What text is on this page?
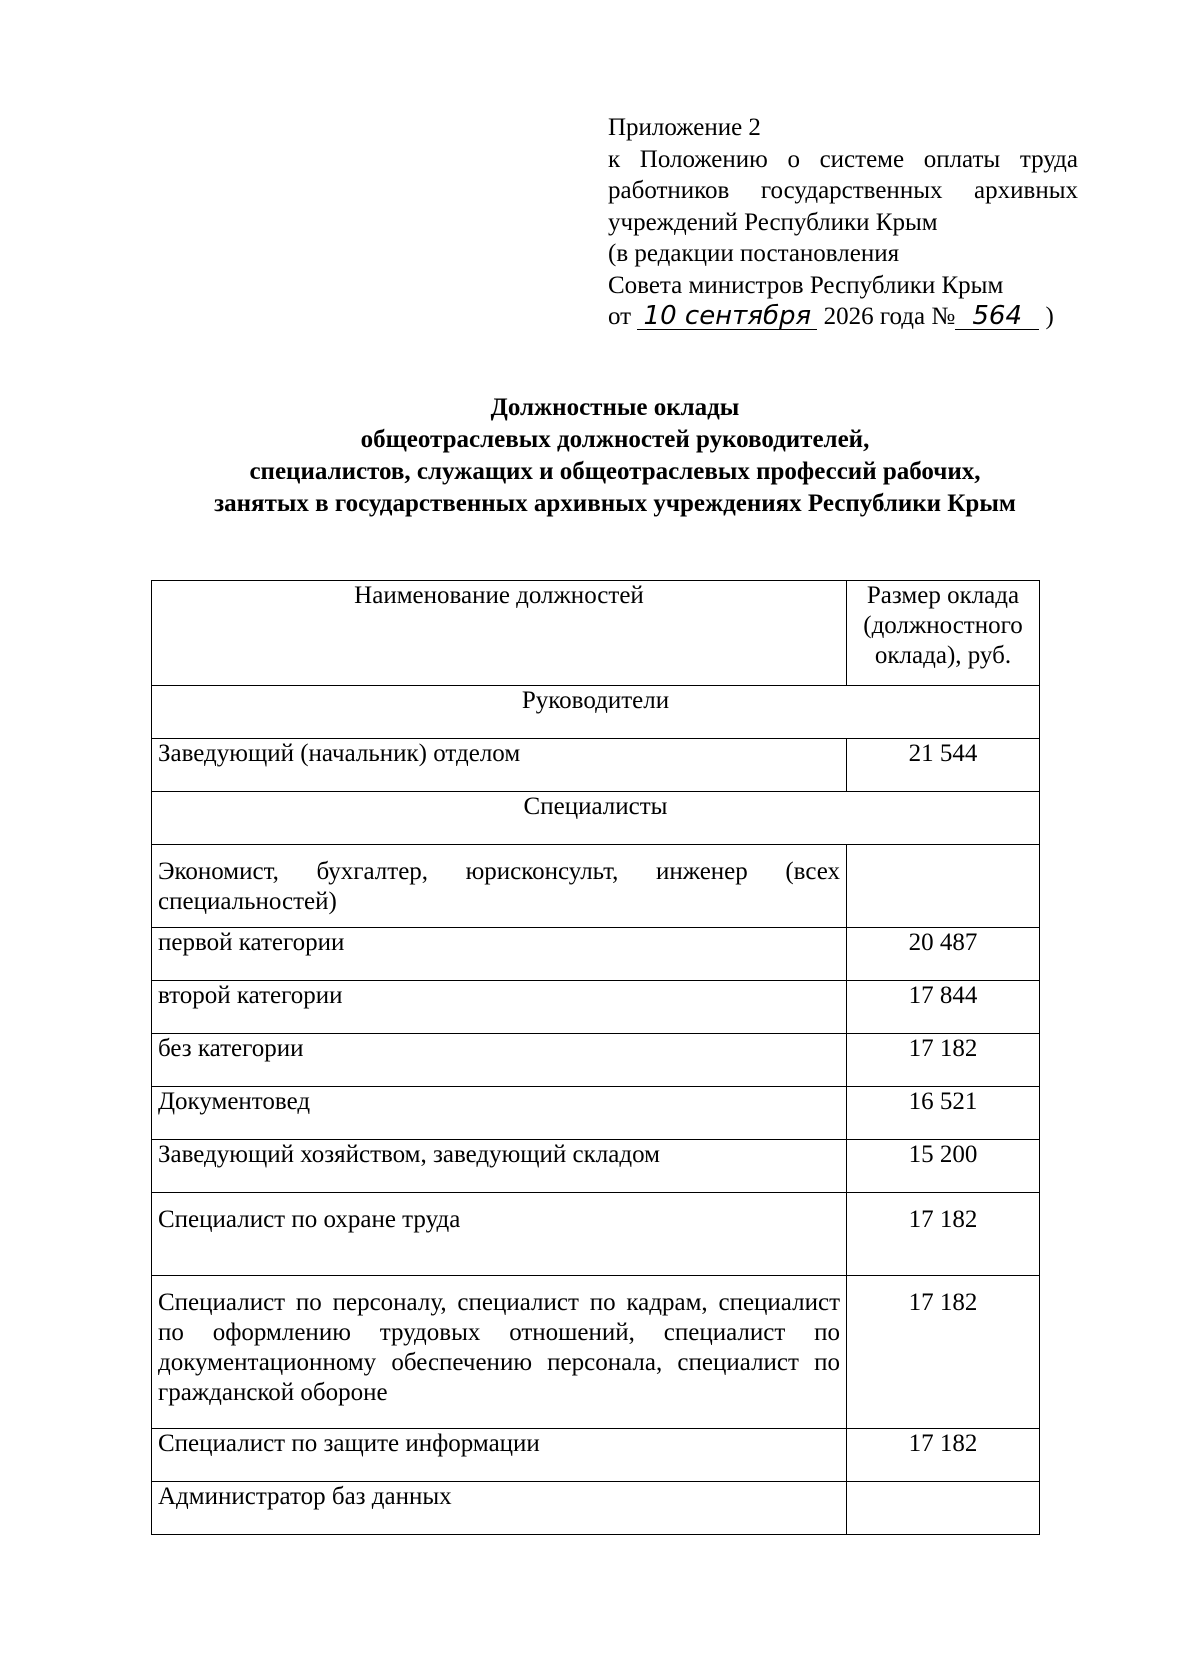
Приложение 2
к Положению о системе оплаты труда
работников государственных архивных
учреждений Республики Крым
(в редакции постановления
Совета министров Республики Крым
от 10 сентября 2026 года № 564 )
Должностные оклады
общеотраслевых должностей руководителей,
специалистов, служащих и общеотраслевых профессий рабочих,
занятых в государственных архивных учреждениях Республики Крым
Наименование должностей	Размер оклада (должностного оклада), руб.
Руководители	
Заведующий (начальник) отделом	21 544
Специалисты	
Экономист, бухгалтер, юрисконсульт, инженер (всех специальностей)	
первой категории	20 487
второй категории	17 844
без категории	17 182
Документовед	16 521
Заведующий хозяйством, заведующий складом	15 200
Специалист по охране труда	17 182
Специалист по персоналу, специалист по кадрам, специалист по оформлению трудовых отношений, специалист по документационному обеспечению персонала, специалист по гражданской обороне	17 182
Специалист по защите информации	17 182
Администратор баз данных	
